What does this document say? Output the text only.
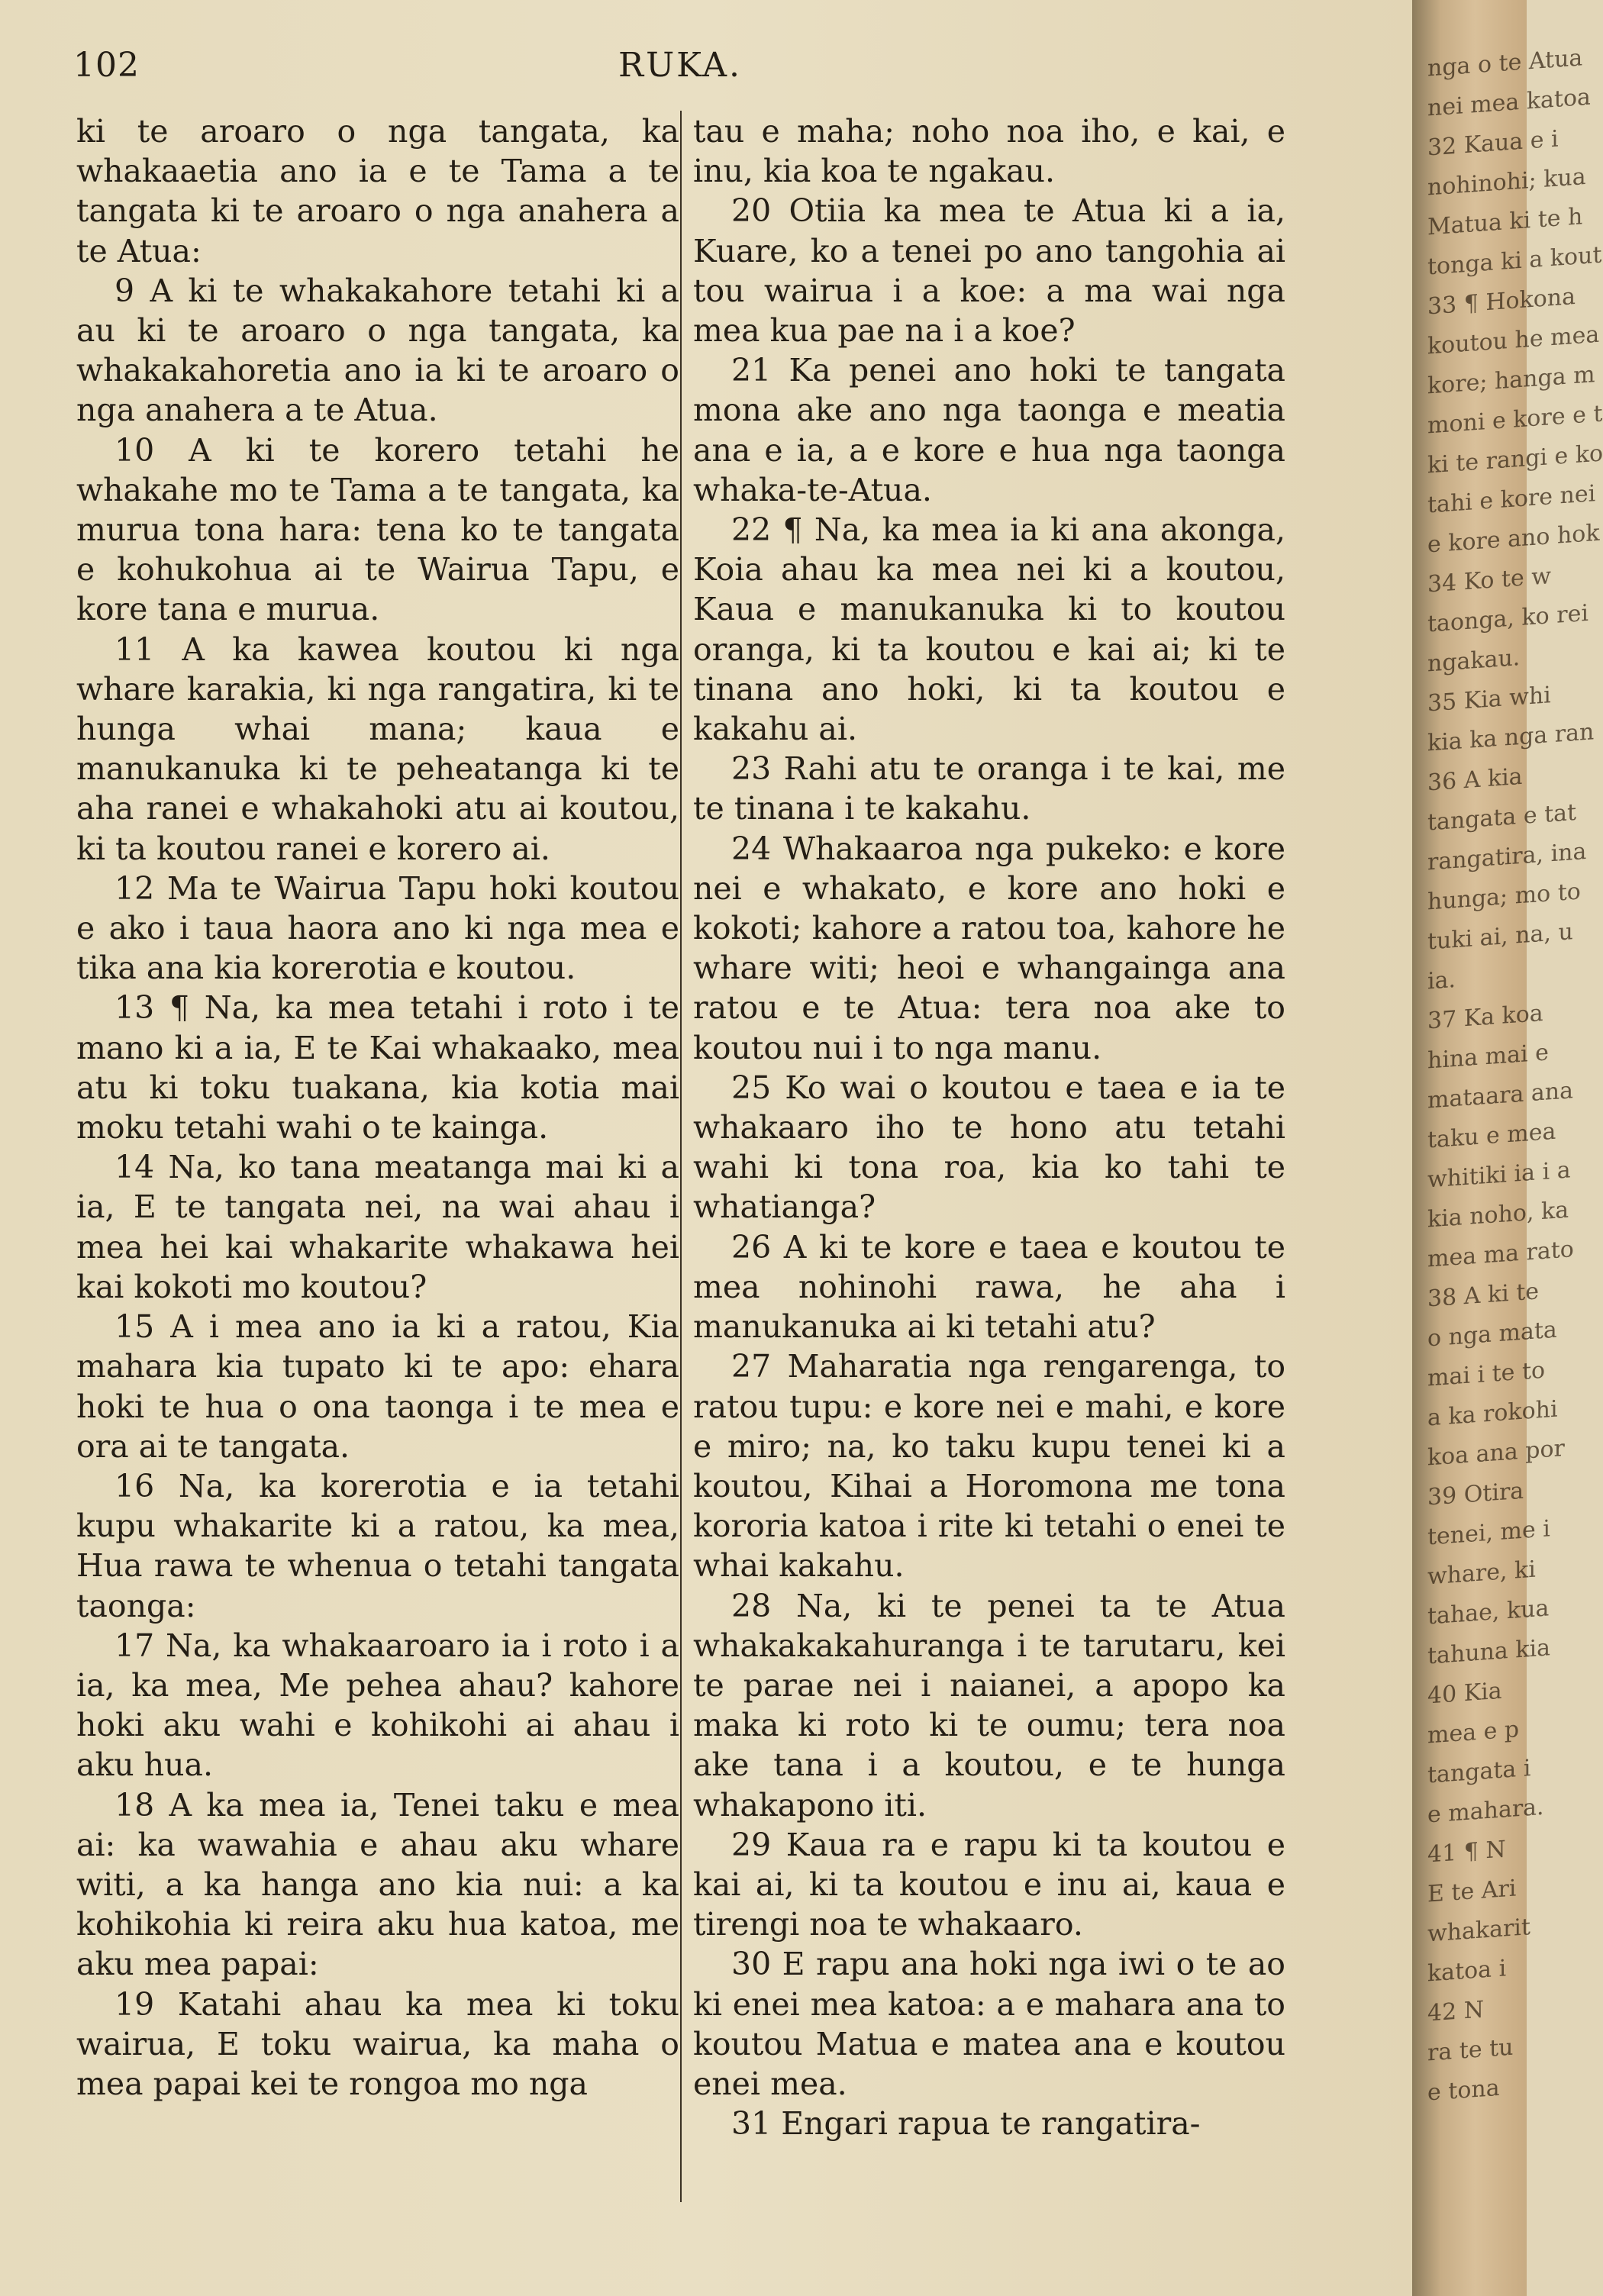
102	RUKA.

ki te aroaro o nga tangata, ka whakaaetia ano ia e te Tama a te tangata ki te aroaro o nga anahera a te Atua:

9 A ki te whakakahore tetahi ki a au ki te aroaro o nga tangata, ka whakakahoretia ano ia ki te aroaro o nga anahera a te Atua.

10 A ki te korero tetahi he whakahe mo te Tama a te tangata, ka murua tona hara: tena ko te tangata e kohukohua ai te Wairua Tapu, e kore tana e murua.

11 A ka kawea koutou ki nga whare karakia, ki nga rangatira, ki te hunga whai mana; kaua e manukanuka ki te peheatanga ki te aha ranei e whakahoki atu ai koutou, ki ta koutou ranei e korero ai.

12 Ma te Wairua Tapu hoki koutou e ako i taua haora ano ki nga mea e tika ana kia korerotia e koutou.

13 ¶ Na, ka mea tetahi i roto i te mano ki a ia, E te Kai whakaako, mea atu ki toku tuakana, kia kotia mai moku tetahi wahi o te kainga.

14 Na, ko tana meatanga mai ki a ia, E te tangata nei, na wai ahau i mea hei kai whakarite whakawa hei kai kokoti mo koutou?

15 A i mea ano ia ki a ratou, Kia mahara kia tupato ki te apo: ehara hoki te hua o ona taonga i te mea e ora ai te tangata.

16 Na, ka korerotia e ia tetahi kupu whakarite ki a ratou, ka mea, Hua rawa te whenua o tetahi tangata taonga:

17 Na, ka whakaaroaro ia i roto i a ia, ka mea, Me pehea ahau? kahore hoki aku wahi e kohikohi ai ahau i aku hua.

18 A ka mea ia, Tenei taku e mea ai: ka wawahia e ahau aku whare witi, a ka hanga ano kia nui: a ka kohikohia ki reira aku hua katoa, me aku mea papai:

19 Katahi ahau ka mea ki toku wairua, E toku wairua, ka maha o mea papai kei te rongoa mo nga

tau e maha; noho noa iho, e kai, e inu, kia koa te ngakau.

20 Otiia ka mea te Atua ki a ia, Kuare, ko a tenei po ano tangohia ai tou wairua i a koe: a ma wai nga mea kua pae na i a koe?

21 Ka penei ano hoki te tangata mona ake ano nga taonga e meatia ana e ia, a e kore e hua nga taonga whaka-te-Atua.

22 ¶ Na, ka mea ia ki ana akonga, Koia ahau ka mea nei ki a koutou, Kaua e manukanuka ki to koutou oranga, ki ta koutou e kai ai; ki te tinana ano hoki, ki ta koutou e kakahu ai.

23 Rahi atu te oranga i te kai, me te tinana i te kakahu.

24 Whakaaroa nga pukeko: e kore nei e whakato, e kore ano hoki e kokoti; kahore a ratou toa, kahore he whare witi; heoi e whangainga ana ratou e te Atua: tera noa ake to koutou nui i to nga manu.

25 Ko wai o koutou e taea e ia te whakaaro iho te hono atu tetahi wahi ki tona roa, kia ko tahi te whatianga?

26 A ki te kore e taea e koutou te mea nohinohi rawa, he aha i manukanuka ai ki tetahi atu?

27 Maharatia nga rengarenga, to ratou tupu: e kore nei e mahi, e kore e miro; na, ko taku kupu tenei ki a koutou, Kihai a Horomona me tona kororia katoa i rite ki tetahi o enei te whai kakahu.

28 Na, ki te penei ta te Atua whakakakahuranga i te tarutaru, kei te parae nei i naianei, a apopo ka maka ki roto ki te oumu; tera noa ake tana i a koutou, e te hunga whakapono iti.

29 Kaua ra e rapu ki ta koutou e kai ai, ki ta koutou e inu ai, kaua e tirengi noa te whakaaro.

30 E rapu ana hoki nga iwi o te ao ki enei mea katoa: a e mahara ana to koutou Matua e matea ana e koutou enei mea.

31 Engari rapua te rangatira-

nga o te Atua
nei mea katoa
32 Kaua e i
nohinohi; kua
Matua ki te h
tonga ki a kout
33 ¶ Hokona
koutou he mea
kore; hanga m
moni e kore e t
ki te rangi e ko
tahi e kore nei
e kore ano hok
34 Ko te w
taonga, ko rei
ngakau.
35 Kia whi
kia ka nga ran
36 A kia
tangata e tat
rangatira, ina
hunga; mo to
tuki ai, na, u
ia.
37 Ka koa
hina mai e
mataara ana
taku e mea
whitiki ia i a
kia noho, ka
mea ma rato
38 A ki te
o nga mata
mai i te to
a ka rokohi
koa ana por
39 Otira
tenei, me i
whare, ki
tahae, kua
tahuna kia
40 Kia
mea e p
tangata i
e mahara.
41 ¶ N
E te Ari
whakarit
katoa i
42 N
ra te tu
e tona
